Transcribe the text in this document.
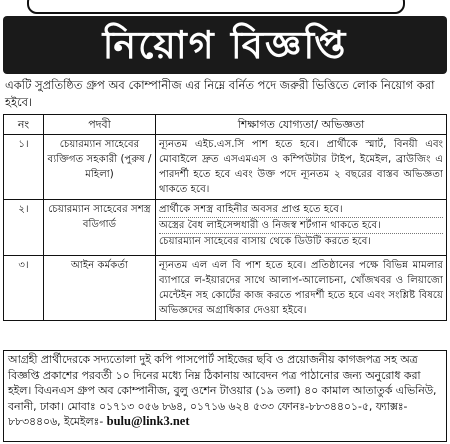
নিয়োগ বিজ্ঞপ্তি
একটি সুপ্রতিষ্ঠিত গ্রুপ অব কোম্পানীজ এর নিম্নে বর্নিত পদে জরুরী ভিত্তিতে লোক নিয়োগ করা হইবে।
নং	পদবী	শিক্ষাগত যোগ্যতা/ অভিজ্ঞতা
১।	চেয়ারম্যান সাহেবের ব্যক্তিগত সহকারী (পুরুষ / মহিলা)	ন্যূনতম এইচ.এস.সি পাশ হতে হবে। প্রার্থীকে স্মার্ট, বিনয়ী এবং মোবাইলে দ্রুত এসএমএস ও কম্পিউটার টাইপ, ইমেইল, ব্রাউজিং এ পারদর্শী হতে হবে এবং উক্ত পদে ন্যূনতম ২ বছরের বাস্তব অভিজ্ঞতা থাকতে হবে।
২।	চেয়ারম্যান সাহেবের সশস্ত্র বডিগার্ড	প্রার্থীকে সশস্ত্র বাহিনীর অবসর প্রাপ্ত হতে হবে।
অস্ত্রের বৈধ লাইসেন্সধারী ও নিজস্ব শর্টগান থাকতে হবে।
চেয়ারম্যান সাহেবের বাসায় থেকে ডিউটি করতে হবে।

৩।	আইন কর্মকর্তা	ন্যূনতম এল এল বি পাশ হতে হবে। প্রতিষ্ঠানের পক্ষে বিভিন্ন মামলার ব্যাপারে ল-ইয়ারদের সাথে আলাপ-আলোচনা, খোঁজখবর ও লিয়াজো মেন্টেইন সহ কোর্টের কাজ করতে পারদর্শী হতে হবে এবং সংশ্লিষ্ট বিষয়ে অভিজ্ঞদের অগ্রাধিকার দেওয়া হইবে।
আগ্রহী প্রার্থীদেরকে সদ্যতোলা দুই কপি পাসপোর্ট সাইজের ছবি ও প্রয়োজনীয় কাগজপত্র সহ অত্র বিজ্ঞপ্তি প্রকাশের পরবর্তী ১০ দিনের মধ্যে নিম্ন ঠিকানায় আবেদন পত্র পাঠানোর জন্য অনুরোধ করা হইল। বিএনএস গ্রুপ অব কোম্পানীজ, বুলু ওশেন টাওয়ার (১৯ তলা) ৪০ কামাল আতাতুর্ক এভিনিউ, বনানী, ঢাকা। মোবাঃ ০১৭১৩ ০৫৬ ৮৬৪, ০১৭১৬ ৬২৪ ৫৩৩ ফোনঃ-৮৮৩৪৪০১-৫, ফ্যাক্সঃ- ৮৮৩৪৪০৬, ইমেইলঃ- bulu@link3.net
